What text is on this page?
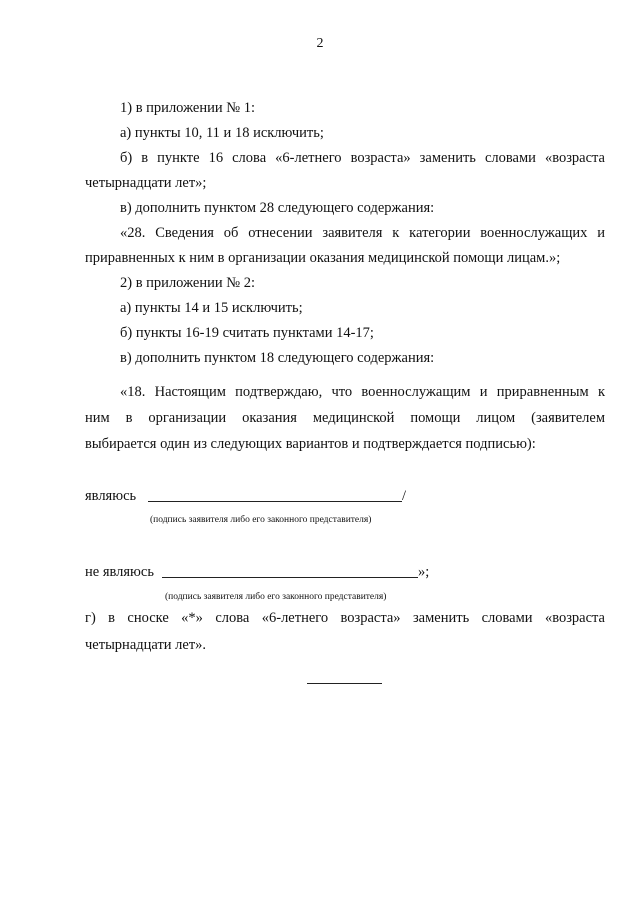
2
1) в приложении № 1:
а) пункты 10, 11 и 18 исключить;
б) в пункте 16 слова «6-летнего возраста» заменить словами «возраста
четырнадцати лет»;
в) дополнить пунктом 28 следующего содержания:
«28. Сведения об отнесении заявителя к категории военнослужащих и
приравненных к ним в организации оказания медицинской помощи лицам.»;
2) в приложении № 2:
а) пункты 14 и 15 исключить;
б) пункты 16-19 считать пунктами 14-17;
в) дополнить пунктом 18 следующего содержания:
«18. Настоящим подтверждаю, что военнослужащим и приравненным к
ним в организации оказания медицинской помощи лицом (заявителем
выбирается один из следующих вариантов и подтверждается подписью):
являюсь	/
(подпись заявителя либо его законного представителя)
не являюсь	»;
(подпись заявителя либо его законного представителя)
г) в сноске «*» слова «6-летнего возраста» заменить словами «возраста
четырнадцати лет».
